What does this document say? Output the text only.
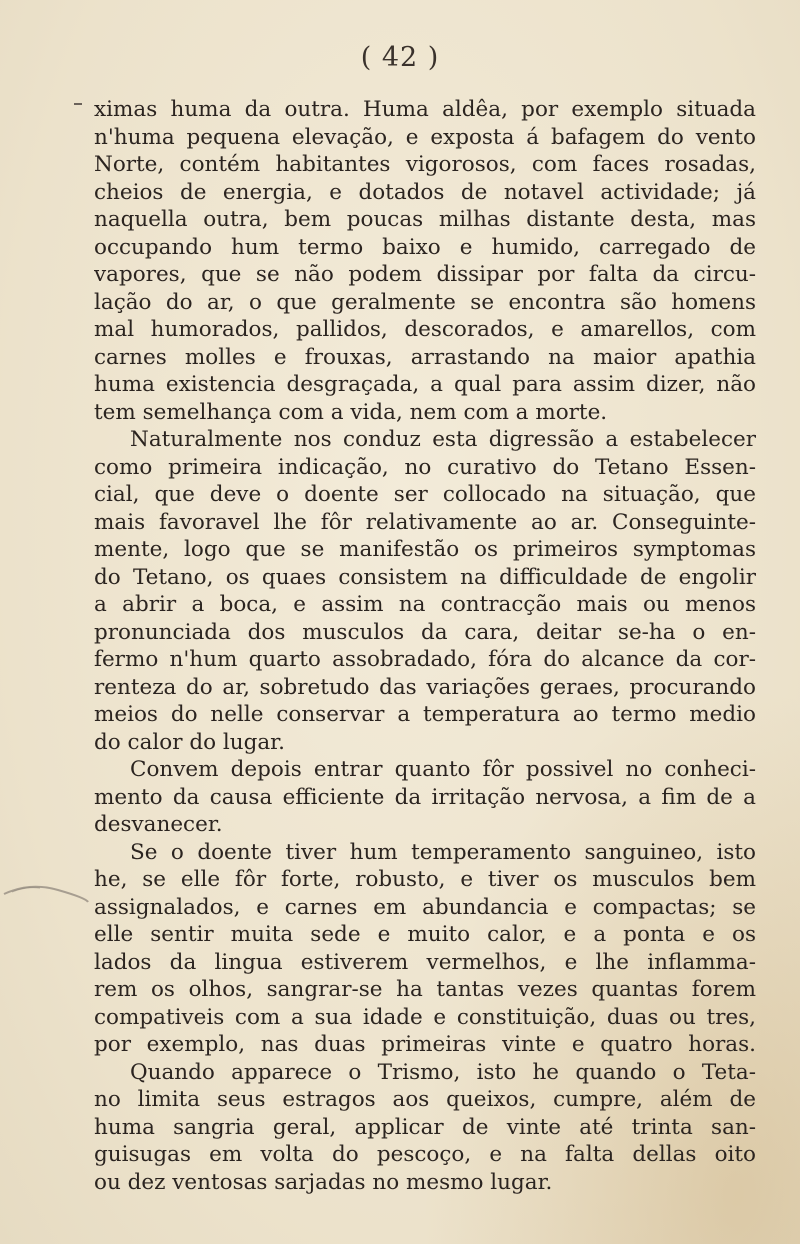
( 42 )
ximas huma da outra. Huma aldêa, por exemplo situada
n'huma pequena elevação, e exposta á bafagem do vento
Norte, contém habitantes vigorosos, com faces rosadas,
cheios de energia, e dotados de notavel actividade; já
naquella outra, bem poucas milhas distante desta, mas
occupando hum termo baixo e humido, carregado de
vapores, que se não podem dissipar por falta da circu-
lação do ar, o que geralmente se encontra são homens
mal humorados, pallidos, descorados, e amarellos, com
carnes molles e frouxas, arrastando na maior apathia
huma existencia desgraçada, a qual para assim dizer, não
tem semelhança com a vida, nem com a morte.
Naturalmente nos conduz esta digressão a estabelecer
como primeira indicação, no curativo do Tetano Essen-
cial, que deve o doente ser collocado na situação, que
mais favoravel lhe fôr relativamente ao ar. Conseguinte-
mente, logo que se manifestão os primeiros symptomas
do Tetano, os quaes consistem na difficuldade de engolir
a abrir a boca, e assim na contracção mais ou menos
pronunciada dos musculos da cara, deitar se-ha o en-
fermo n'hum quarto assobradado, fóra do alcance da cor-
renteza do ar, sobretudo das variações geraes, procurando
meios do nelle conservar a temperatura ao termo medio
do calor do lugar.
Convem depois entrar quanto fôr possivel no conheci-
mento da causa efficiente da irritação nervosa, a fim de a
desvanecer.
Se o doente tiver hum temperamento sanguineo, isto
he, se elle fôr forte, robusto, e tiver os musculos bem
assignalados, e carnes em abundancia e compactas; se
elle sentir muita sede e muito calor, e a ponta e os
lados da lingua estiverem vermelhos, e lhe inflamma-
rem os olhos, sangrar-se ha tantas vezes quantas forem
compativeis com a sua idade e constituição, duas ou tres,
por exemplo, nas duas primeiras vinte e quatro horas.
Quando apparece o Trismo, isto he quando o Teta-
no limita seus estragos aos queixos, cumpre, além de
huma sangria geral, applicar de vinte até trinta san-
guisugas em volta do pescoço, e na falta dellas oito
ou dez ventosas sarjadas no mesmo lugar.
